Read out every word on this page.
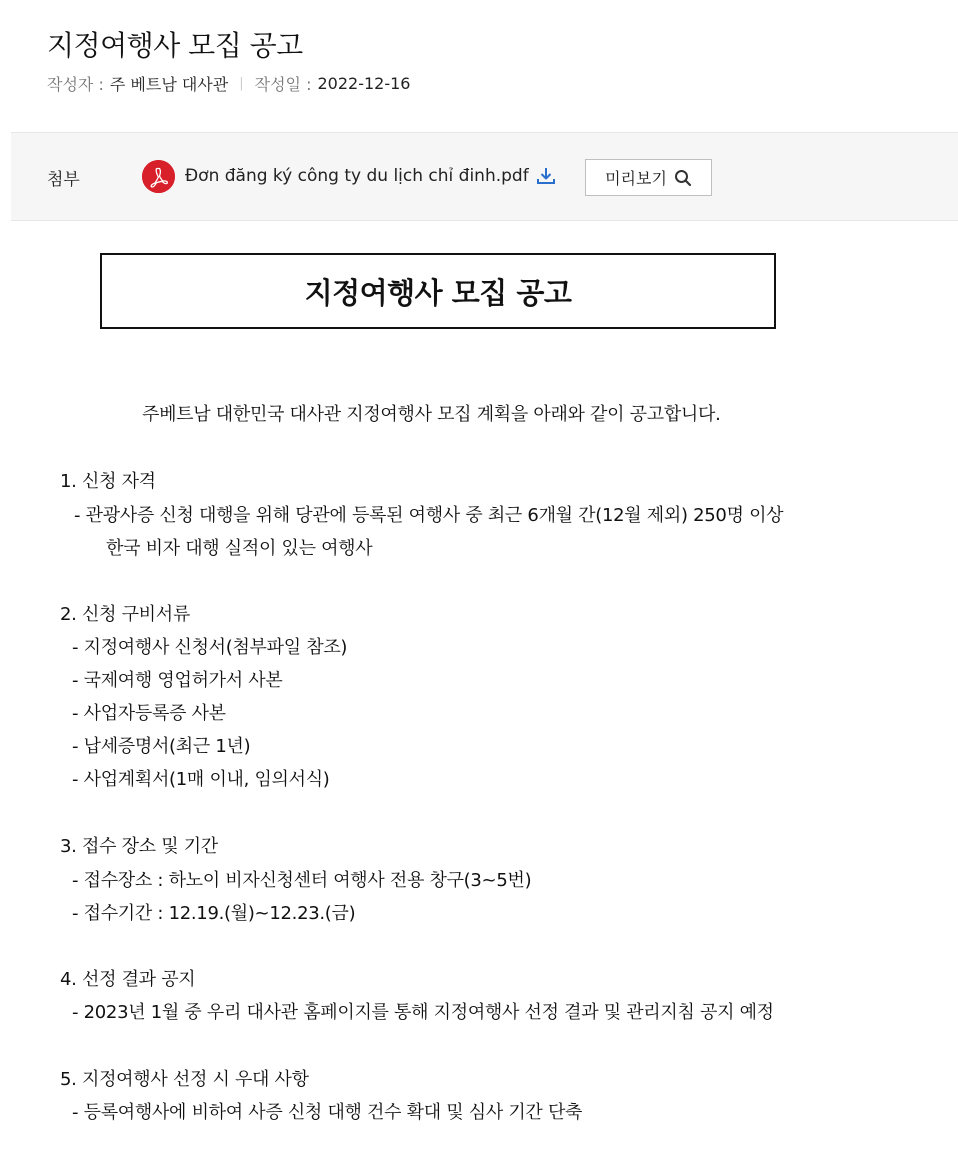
지정여행사 모집 공고
작성자 : 주 베트남 대사관 | 작성일 : 2022-12-16
첨부	Đơn đăng ký công ty du lịch chỉ đinh.pdf	미리보기
지정여행사 모집 공고
주베트남 대한민국 대사관 지정여행사 모집 계획을 아래와 같이 공고합니다.
1. 신청 자격
- 관광사증 신청 대행을 위해 당관에 등록된 여행사 중 최근 6개월 간(12월 제외) 250명 이상
한국 비자 대행 실적이 있는 여행사
2. 신청 구비서류
- 지정여행사 신청서(첨부파일 참조)
- 국제여행 영업허가서 사본
- 사업자등록증 사본
- 납세증명서(최근 1년)
- 사업계획서(1매 이내, 임의서식)
3. 접수 장소 및 기간
- 접수장소 : 하노이 비자신청센터 여행사 전용 창구(3~5번)
- 접수기간 : 12.19.(월)~12.23.(금)
4. 선정 결과 공지
- 2023년 1월 중 우리 대사관 홈페이지를 통해 지정여행사 선정 결과 및 관리지침 공지 예정
5. 지정여행사 선정 시 우대 사항
- 등록여행사에 비하여 사증 신청 대행 건수 확대 및 심사 기간 단축
